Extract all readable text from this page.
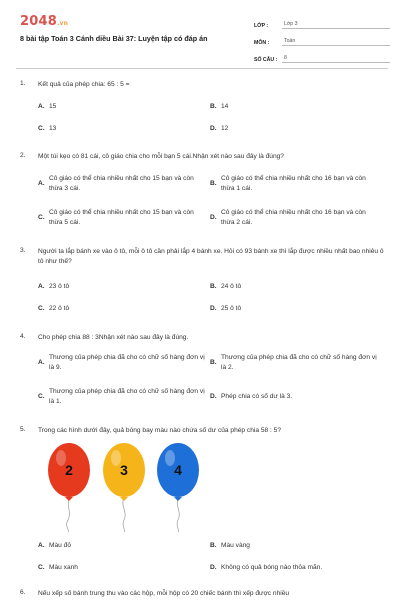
2048.vn
8 bài tập Toán 3 Cánh diều Bài 37: Luyện tập có đáp án
LỚP :	Lớp 3
MÔN :	Toán
SỐ CÂU :	8
1.	Kết quả của phép chia: 65 : 5 =
A. 15	B. 14
C. 13	D. 12
2.	Một túi kẹo có 81 cái, cô giáo chia cho mỗi bạn 5 cái.Nhận xét nào sau đây là đúng?
A.
Cô giáo có thể chia nhiều nhất cho 15 bạn và còn thừa 3 cái.
B.
Cô giáo có thể chia nhiều nhất cho 16 bạn và còn thừa 1 cái.
C.
Cô giáo có thể chia nhiều nhất cho 15 bạn và còn thừa 5 cái.
D.
Cô giáo có thể chia nhiều nhất cho 16 bạn và còn thừa 2 cái.
3.	Người ta lắp bánh xe vào ô tô, mỗi ô tô cần phải lắp 4 bánh xe. Hỏi có 93 bánh xe thì lắp được nhiều nhất bao nhiêu ô tô như thế?
A. 23 ô tô	B. 24 ô tô
C. 22 ô tô	D. 25 ô tô
4.	Cho phép chia 88 : 3Nhận xét nào sau đây là đúng.
A.
Thương của phép chia đã cho có chữ số hàng đơn vị là 9.
B.
Thương của phép chia đã cho có chữ số hàng đơn vị là 2.
C.
Thương của phép chia đã cho có chữ số hàng đơn vị là 1.
D. Phép chia có số dư là 3.
5.	Trong các hình dưới đây, quả bóng bay màu nào chứa số dư của phép chia 58 : 5?
2	3	4
A. Màu đỏ	B. Màu vàng
C. Màu xanh	D. Không có quả bóng nào thỏa mãn.
6.	Nếu xếp số bánh trung thu vào các hộp, mỗi hộp có 20 chiếc bánh thì xếp được nhiều
